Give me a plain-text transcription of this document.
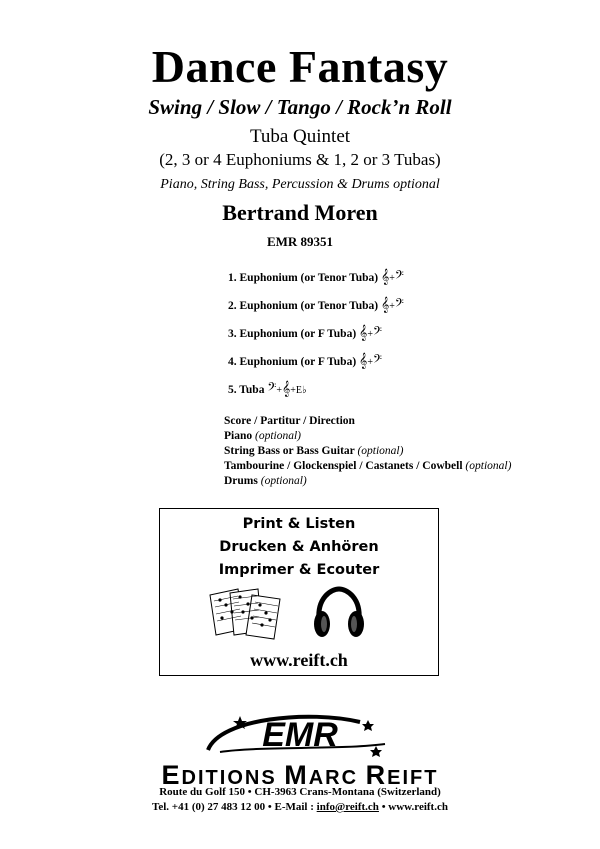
Dance Fantasy
Swing / Slow / Tango / Rock’n Roll
Tuba Quintet
(2, 3 or 4 Euphoniums & 1, 2 or 3 Tubas)
Piano, String Bass, Percussion & Drums optional
Bertrand Moren
EMR 89351
1. Euphonium (or Tenor Tuba) 𝄞+𝄢
2. Euphonium (or Tenor Tuba) 𝄞+𝄢
3. Euphonium (or F Tuba) 𝄞+𝄢
4. Euphonium (or F Tuba) 𝄞+𝄢
5. Tuba 𝄢+𝄞+E♭
Score / Partitur / Direction
Piano (optional)
String Bass or Bass Guitar (optional)
Tambourine / Glockenspiel / Castanets / Cowbell (optional)
Drums (optional)
Print & Listen
Drucken & Anhören
Imprimer & Ecouter
www.reift.ch
EMR
EDITIONS MARC REIFT
Route du Golf 150 • CH-3963 Crans-Montana (Switzerland)
Tel. +41 (0) 27 483 12 00 • E-Mail : info@reift.ch • www.reift.ch
